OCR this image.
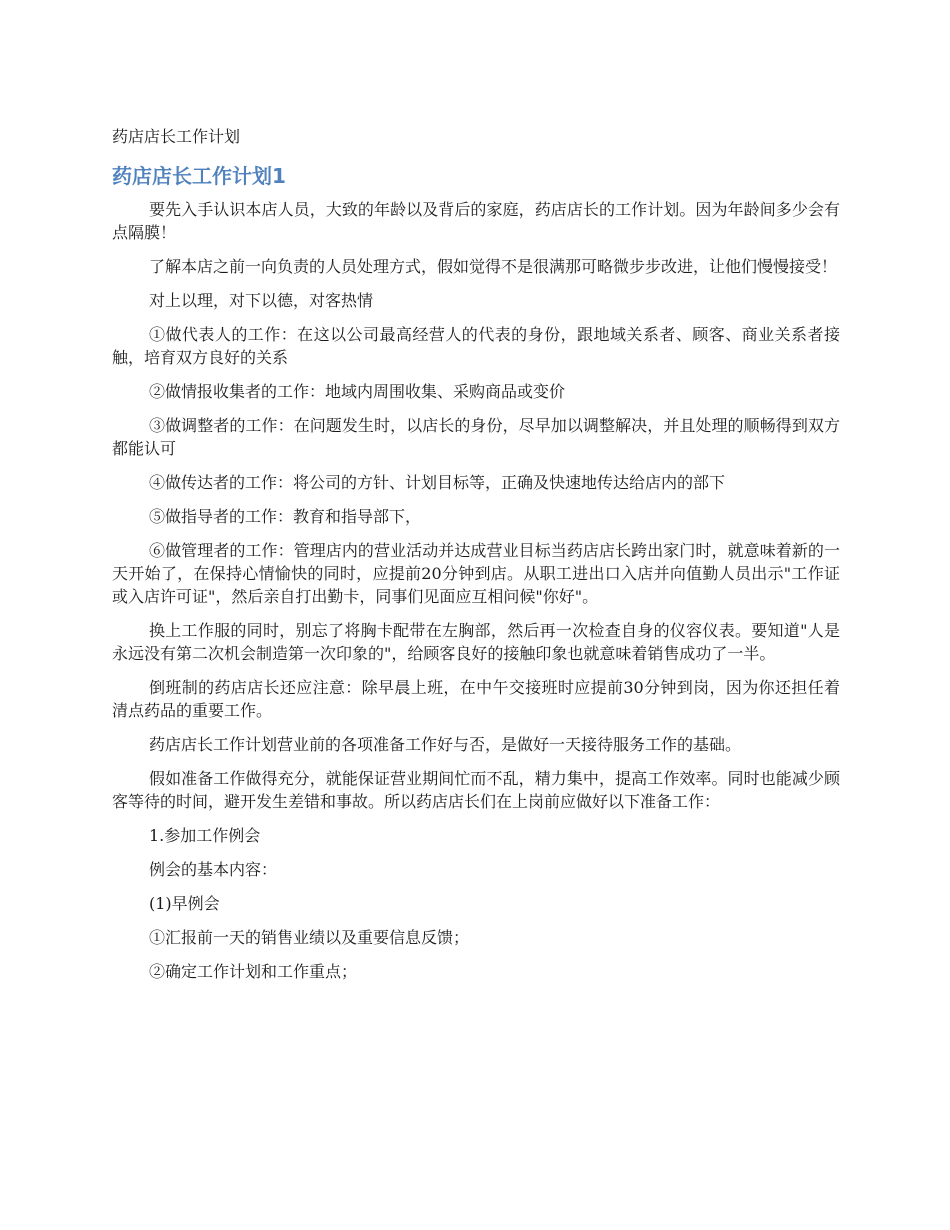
药店店长工作计划
药店店长工作计划1

要先入手认识本店人员，大致的年龄以及背后的家庭，药店店长的工作计划。因为年龄间多少会有点隔膜！

了解本店之前一向负责的人员处理方式，假如觉得不是很满那可略微步步改进，让他们慢慢接受！

对上以理，对下以德，对客热情

①做代表人的工作：在这以公司最高经营人的代表的身份，跟地域关系者、顾客、商业关系者接触，培育双方良好的关系

②做情报收集者的工作：地域内周围收集、采购商品或变价

③做调整者的工作：在问题发生时，以店长的身份，尽早加以调整解决，并且处理的顺畅得到双方都能认可

④做传达者的工作：将公司的方针、计划目标等，正确及快速地传达给店内的部下

⑤做指导者的工作：教育和指导部下，

⑥做管理者的工作：管理店内的营业活动并达成营业目标当药店店长跨出家门时，就意味着新的一天开始了，在保持心情愉快的同时，应提前20分钟到店。从职工进出口入店并向值勤人员出示"工作证或入店许可证"，然后亲自打出勤卡，同事们见面应互相问候"你好"。

换上工作服的同时，别忘了将胸卡配带在左胸部，然后再一次检查自身的仪容仪表。要知道"人是永远没有第二次机会制造第一次印象的"，给顾客良好的接触印象也就意味着销售成功了一半。

倒班制的药店店长还应注意：除早晨上班，在中午交接班时应提前30分钟到岗，因为你还担任着清点药品的重要工作。

药店店长工作计划营业前的各项准备工作好与否，是做好一天接待服务工作的基础。

假如准备工作做得充分，就能保证营业期间忙而不乱，精力集中，提高工作效率。同时也能减少顾客等待的时间，避开发生差错和事故。所以药店店长们在上岗前应做好以下准备工作：

1.参加工作例会

例会的基本内容：

(1)早例会

①汇报前一天的销售业绩以及重要信息反馈；

②确定工作计划和工作重点；
